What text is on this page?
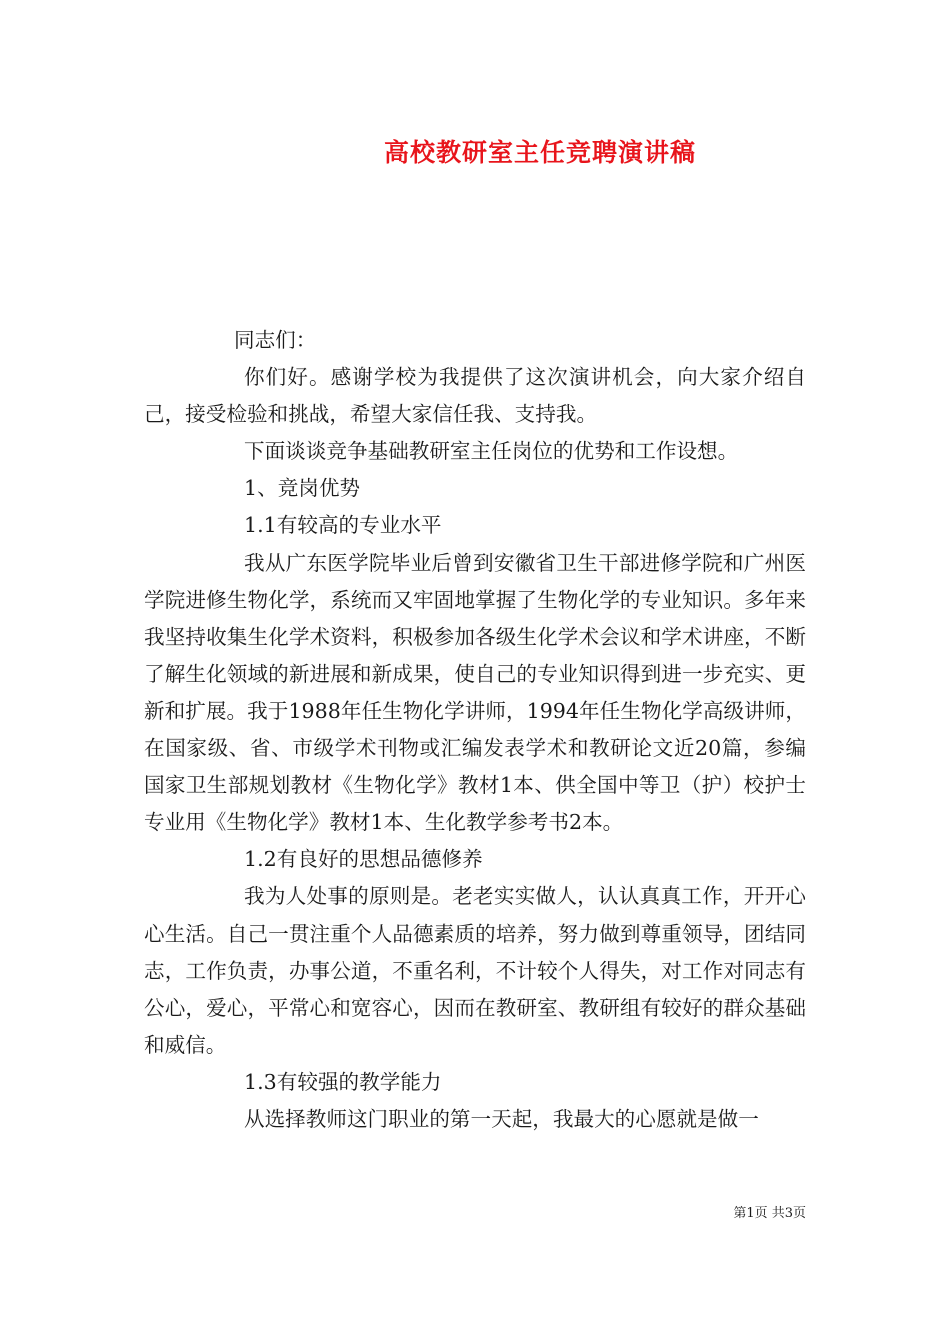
高校教研室主任竞聘演讲稿

同志们：

你们好。感谢学校为我提供了这次演讲机会，向大家介绍自己，接受检验和挑战，希望大家信任我、支持我。

下面谈谈竞争基础教研室主任岗位的优势和工作设想。

1、竞岗优势

1.1有较高的专业水平

我从广东医学院毕业后曾到安徽省卫生干部进修学院和广州医学院进修生物化学，系统而又牢固地掌握了生物化学的专业知识。多年来我坚持收集生化学术资料，积极参加各级生化学术会议和学术讲座，不断了解生化领域的新进展和新成果，使自己的专业知识得到进一步充实、更新和扩展。我于1988年任生物化学讲师，1994年任生物化学高级讲师，在国家级、省、市级学术刊物或汇编发表学术和教研论文近20篇，参编国家卫生部规划教材《生物化学》教材1本、供全国中等卫（护）校护士专业用《生物化学》教材1本、生化教学参考书2本。

1.2有良好的思想品德修养

我为人处事的原则是。老老实实做人，认认真真工作，开开心心生活。自己一贯注重个人品德素质的培养，努力做到尊重领导，团结同志，工作负责，办事公道，不重名利，不计较个人得失，对工作对同志有公心，爱心，平常心和宽容心，因而在教研室、教研组有较好的群众基础和威信。

1.3有较强的教学能力

从选择教师这门职业的第一天起，我最大的心愿就是做一

第1页 共3页
